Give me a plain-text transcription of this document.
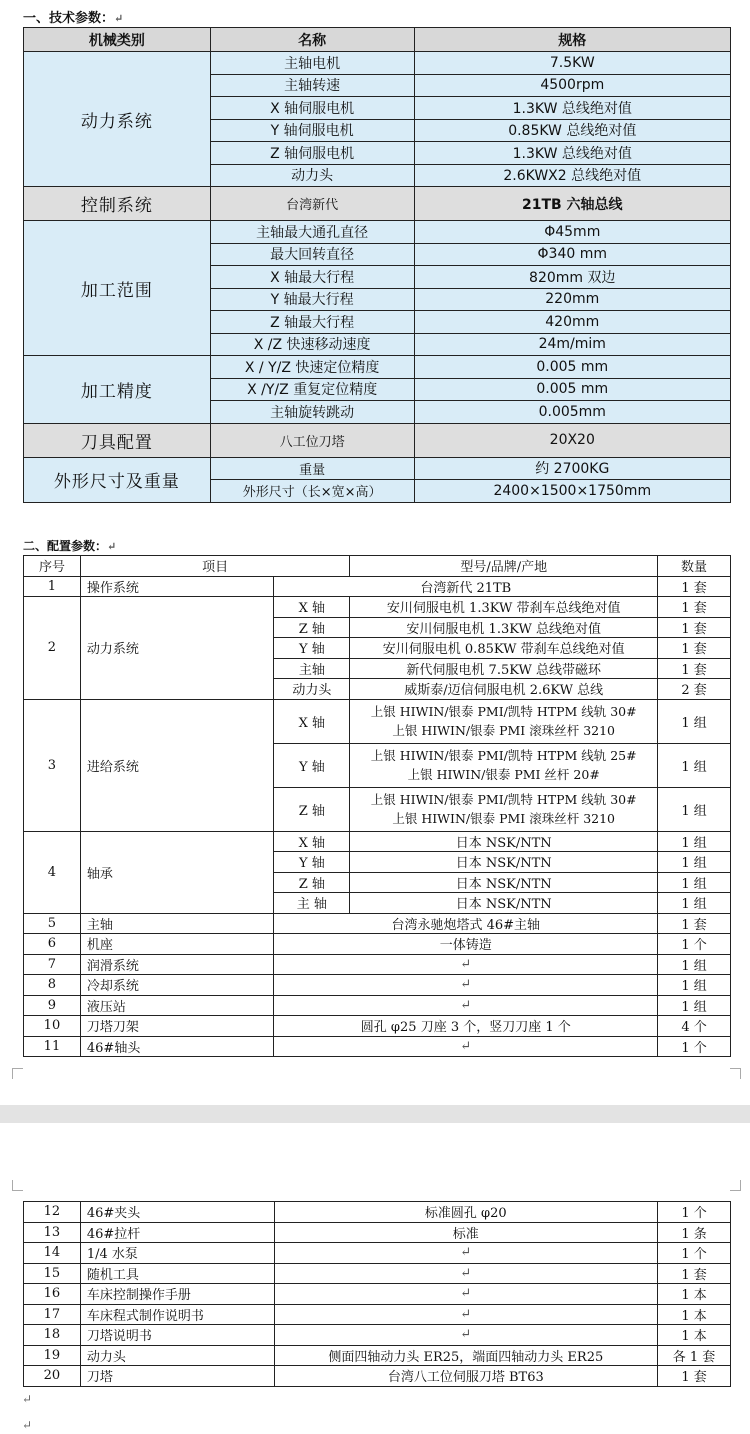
一、技术参数：↵
机械类别	名称	规格
动力系统	主轴电机	7.5KW
	主轴转速	4500rpm
	X 轴伺服电机	1.3KW 总线绝对值
	Y 轴伺服电机	0.85KW 总线绝对值
	Z 轴伺服电机	1.3KW 总线绝对值
	动力头	2.6KWX2 总线绝对值
控制系统	台湾新代	21TB 六轴总线
加工范围	主轴最大通孔直径	Φ45mm
	最大回转直径	Φ340 mm
	X 轴最大行程	820mm 双边
	Y 轴最大行程	220mm
	Z 轴最大行程	420mm
	X /Z 快速移动速度	24m/mim
加工精度	X / Y/Z 快速定位精度	0.005 mm
	X /Y/Z 重复定位精度	0.005 mm
	主轴旋转跳动	0.005mm
刀具配置	八工位刀塔	20X20
外形尺寸及重量	重量	约 2700KG
	外形尺寸（长×宽×高）	2400×1500×1750mm
二、配置参数：↵
序号	项目		型号/品牌/产地	数量
1	操作系统	台湾新代 21TB		1 套
2	动力系统	X 轴	安川伺服电机 1.3KW 带刹车总线绝对值	1 套
		Z 轴	安川伺服电机 1.3KW 总线绝对值	1 套
		Y 轴	安川伺服电机 0.85KW 带刹车总线绝对值	1 套
		主轴	新代伺服电机 7.5KW 总线带磁环	1 套
		动力头	威斯泰/迈信伺服电机 2.6KW 总线	2 套
3	进给系统	X 轴	上银 HIWIN/银泰 PMI/凯特 HTPM 线轨 30#
上银 HIWIN/银泰 PMI 滚珠丝杆 3210	1 组
		Y 轴	上银 HIWIN/银泰 PMI/凯特 HTPM 线轨 25#
上银 HIWIN/银泰 PMI 丝杆 20#	1 组
		Z 轴	上银 HIWIN/银泰 PMI/凯特 HTPM 线轨 30#
上银 HIWIN/银泰 PMI 滚珠丝杆 3210	1 组
4	轴承	X 轴	日本 NSK/NTN	1 组
		Y 轴	日本 NSK/NTN	1 组
		Z 轴	日本 NSK/NTN	1 组
		主 轴	日本 NSK/NTN	1 组
5	主轴	台湾永驰炮塔式 46#主轴		1 套
6	机座	一体铸造		1 个
7	润滑系统	↵		1 组
8	冷却系统	↵		1 组
9	液压站	↵		1 组
10	刀塔刀架	圆孔 φ25 刀座 3 个，竖刀刀座 1 个		4 个
11	46#轴头	↵		1 个
12	46#夹头	标准圆孔 φ20	1 个
13	46#拉杆	标准	1 条
14	1/4 水泵	↵	1 个
15	随机工具	↵	1 套
16	车床控制操作手册	↵	1 本
17	车床程式制作说明书	↵	1 本
18	刀塔说明书	↵	1 本
19	动力头	侧面四轴动力头 ER25，端面四轴动力头 ER25	各 1 套
20	刀塔	台湾八工位伺服刀塔 BT63	1 套
↵
↵
